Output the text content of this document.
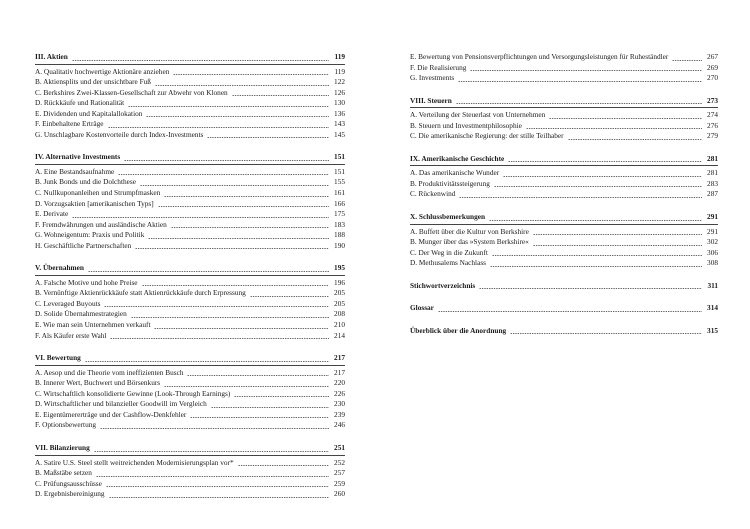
III. Aktien	119
A. Qualitativ hochwertige Aktionäre anziehen	119
B. Aktiensplits und der unsichtbare Fuß	122
C. Berkshires Zwei-Klassen-Gesellschaft zur Abwehr von Klonen	126
D. Rückkäufe und Rationalität	130
E. Dividenden und Kapitalallokation	136
F. Einbehaltene Erträge	143
G. Unschlagbare Kostenvorteile durch Index-Investments	145
IV. Alternative Investments	151
A. Eine Bestandsaufnahme	151
B. Junk Bonds und die Dolchthese	155
C. Nullkuponanleihen und Strumpfmasken	161
D. Vorzugsaktien [amerikanischen Typs]	166
E. Derivate	175
F. Fremdwährungen und ausländische Aktien	183
G. Wohneigentum: Praxis und Politik	188
H. Geschäftliche Partnerschaften	190
V. Übernahmen	195
A. Falsche Motive und hohe Preise	196
B. Vernünftige Aktienrückkäufe statt Aktienrückkäufe durch Erpressung	205
C. Leveraged Buyouts	205
D. Solide Übernahmestrategien	208
E. Wie man sein Unternehmen verkauft	210
F. Als Käufer erste Wahl	214
VI. Bewertung	217
A. Aesop und die Theorie vom ineffizienten Busch	217
B. Innerer Wert, Buchwert und Börsenkurs	220
C. Wirtschaftlich konsolidierte Gewinne (Look-Through Earnings)	226
D. Wirtschaftlicher und bilanzieller Goodwill im Vergleich	230
E. Eigentümererträge und der Cashflow-Denkfehler	239
F. Optionsbewertung	246
VII. Bilanzierung	251
A. Satire U.S. Steel stellt weitreichenden Modernisierungsplan vor*	252
B. Maßstäbe setzen	257
C. Prüfungsausschüsse	259
D. Ergebnisbereinigung	260
E. Bewertung von Pensionsverpflichtungen und Versorgungsleistungen für Ruheständler	267
F. Die Realisierung	269
G. Investments	270
VIII. Steuern	273
A. Verteilung der Steuerlast von Unternehmen	274
B. Steuern und Investmentphilosophie	276
C. Die amerikanische Regierung: der stille Teilhaber	279
IX. Amerikanische Geschichte	281
A. Das amerikanische Wunder	281
B. Produktivitätssteigerung	283
C. Rückenwind	287
X. Schlussbemerkungen	291
A. Buffett über die Kultur von Berkshire	291
B. Munger über das »System Berkshire«	302
C. Der Weg in die Zukunft	306
D. Methusalems Nachlass	308
Stichwortverzeichnis	311
Glossar	314
Überblick über die Anordnung	315
